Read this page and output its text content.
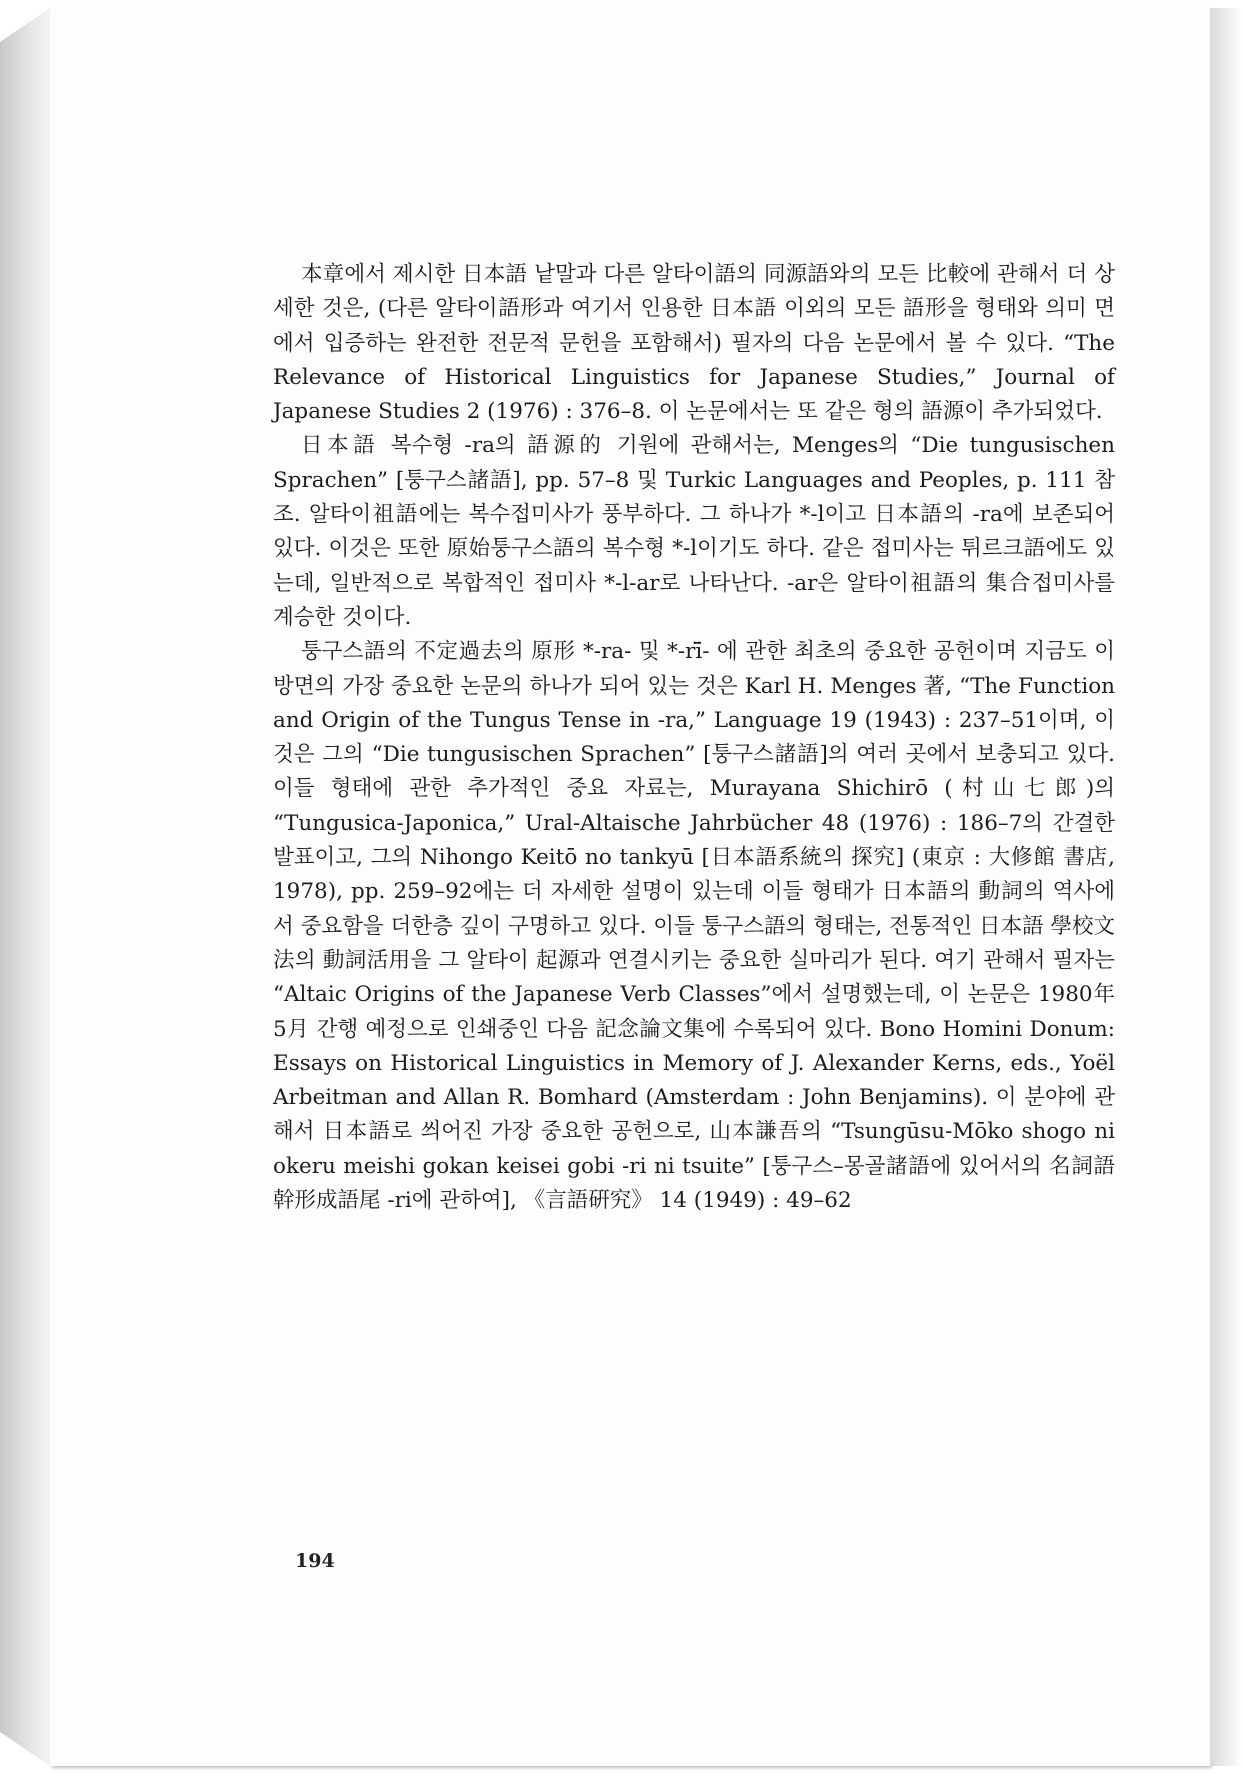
本章에서 제시한 日本語 낱말과 다른 알타이語의 同源語와의 모든 比較에 관해서 더 상세한 것은, (다른 알타이語形과 여기서 인용한 日本語 이외의 모든 語形을 형태와 의미 면에서 입증하는 완전한 전문적 문헌을 포함해서) 필자의 다음 논문에서 볼 수 있다. “The Relevance of Historical Linguistics for Japanese Studies,” Journal of Japanese Studies 2 (1976) : 376–8. 이 논문에서는 또 같은 형의 語源이 추가되었다.

日本語 복수형 -ra의 語源的 기원에 관해서는, Menges의 “Die tungusischen Sprachen” [퉁구스諸語], pp. 57–8 및 Turkic Languages and Peoples, p. 111 참조. 알타이祖語에는 복수접미사가 풍부하다. 그 하나가 *-l이고 日本語의 -ra에 보존되어 있다. 이것은 또한 原始퉁구스語의 복수형 *-l이기도 하다. 같은 접미사는 튀르크語에도 있는데, 일반적으로 복합적인 접미사 *-l-ar로 나타난다. -ar은 알타이祖語의 集合접미사를 계승한 것이다.

퉁구스語의 不定過去의 原形 *-ra- 및 *-rī̈- 에 관한 최초의 중요한 공헌이며 지금도 이 방면의 가장 중요한 논문의 하나가 되어 있는 것은 Karl H. Menges 著, “The Function and Origin of the Tungus Tense in -ra,” Language 19 (1943) : 237–51이며, 이것은 그의 “Die tungusischen Sprachen” [퉁구스諸語]의 여러 곳에서 보충되고 있다. 이들 형태에 관한 추가적인 중요 자료는, Murayana Shichirō (村山七郎)의 “Tungusica-Japonica,” Ural-Altaische Jahrbücher 48 (1976) : 186–7의 간결한 발표이고, 그의 Nihongo Keitō no tankyū [日本語系統의 探究] (東京 : 大修館 書店, 1978), pp. 259–92에는 더 자세한 설명이 있는데 이들 형태가 日本語의 動詞의 역사에서 중요함을 더한층 깊이 구명하고 있다. 이들 퉁구스語의 형태는, 전통적인 日本語 學校文法의 動詞活用을 그 알타이 起源과 연결시키는 중요한 실마리가 된다. 여기 관해서 필자는 “Altaic Origins of the Japanese Verb Classes”에서 설명했는데, 이 논문은 1980年 5月 간행 예정으로 인쇄중인 다음 記念論文集에 수록되어 있다. Bono Homini Donum: Essays on Historical Linguistics in Memory of J. Alexander Kerns, eds., Yoël Arbeitman and Allan R. Bomhard (Amsterdam : John Benjamins). 이 분야에 관해서 日本語로 씌어진 가장 중요한 공헌으로, 山本謙吾의 “Tsungūsu-Mōko shogo ni okeru meishi gokan keisei gobi -ri ni tsuite” [퉁구스–몽골諸語에 있어서의 名詞語幹形成語尾 -ri에 관하여], 《言語硏究》 14 (1949) : 49–62

194
